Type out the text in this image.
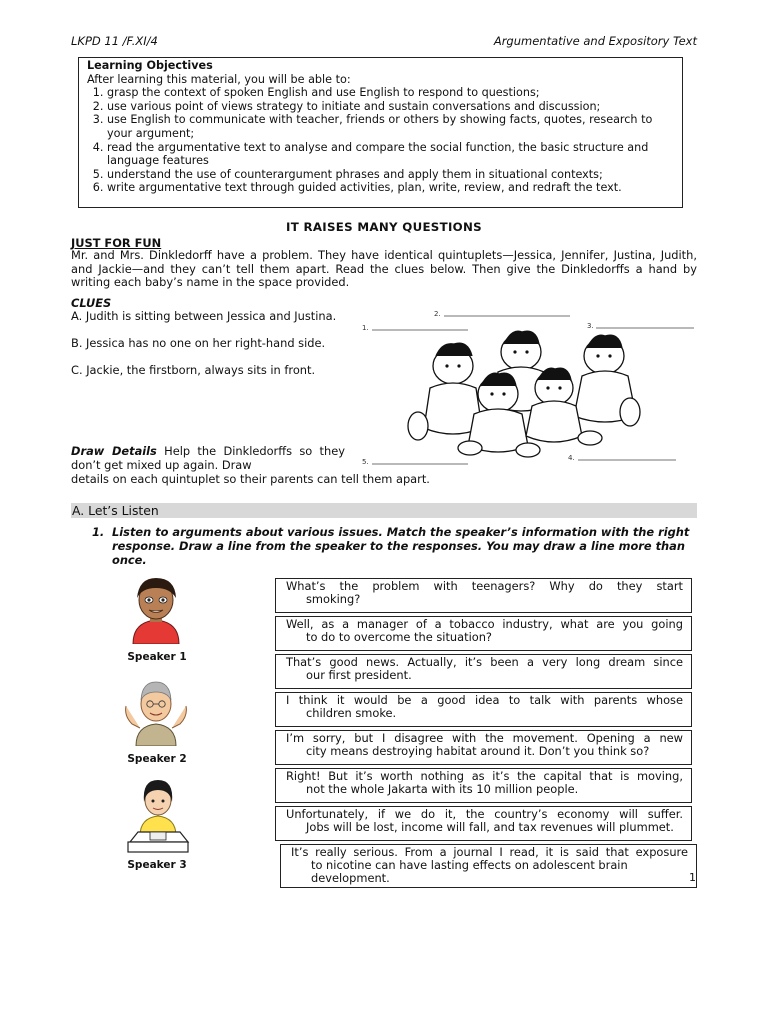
LKPD 11 /F.XI/4	Argumentative and Expository Text
Learning Objectives
After learning this material, you will be able to:
1. grasp the context of spoken English and use English to respond to questions;
2. use various point of views strategy to initiate and sustain conversations and discussion;
3. use English to communicate with teacher, friends or others by showing facts, quotes, research to your argument;
4. read the argumentative text to analyse and compare the social function, the basic structure and language features
5. understand the use of counterargument phrases and apply them in situational contexts;
6. write argumentative text through guided activities, plan, write, review, and redraft the text.
IT RAISES MANY QUESTIONS
JUST FOR FUN
Mr. and Mrs. Dinkledorff have a problem. They have identical quintuplets—Jessica, Jennifer, Justina, Judith, and Jackie—and they can’t tell them apart. Read the clues below. Then give the Dinkledorffs a hand by writing each baby’s name in the space provided.
CLUES
A. Judith is sitting between Jessica and Justina.
B. Jessica has no one on her right-hand side.
C. Jackie, the firstborn, always sits in front.
Draw Details Help the Dinkledorffs so they don’t get mixed up again. Draw
details on each quintuplet so their parents can tell them apart.
1.
2.
3.
4.
5.
A. Let’s Listen
1. Listen to arguments about various issues. Match the speaker’s information with the right response. Draw a line from the speaker to the responses. You may draw a line more than once.
Speaker 1
Speaker 2
Speaker 3
What’s the problem with teenagers? Why do they start
smoking?
Well, as a manager of a tobacco industry, what are you going
to do to overcome the situation?
That’s good news. Actually, it’s been a very long dream since
our first president.
I think it would be a good idea to talk with parents whose
children smoke.
I’m sorry, but I disagree with the movement. Opening a new
city means destroying habitat around it. Don’t you think so?
Right! But it’s worth nothing as it’s the capital that is moving,
not the whole Jakarta with its 10 million people.
Unfortunately, if we do it, the country’s economy will suffer.
Jobs will be lost, income will fall, and tax revenues will plummet.
It’s really serious. From a journal I read, it is said that exposure
to nicotine can have lasting effects on adolescent brain development.	1
